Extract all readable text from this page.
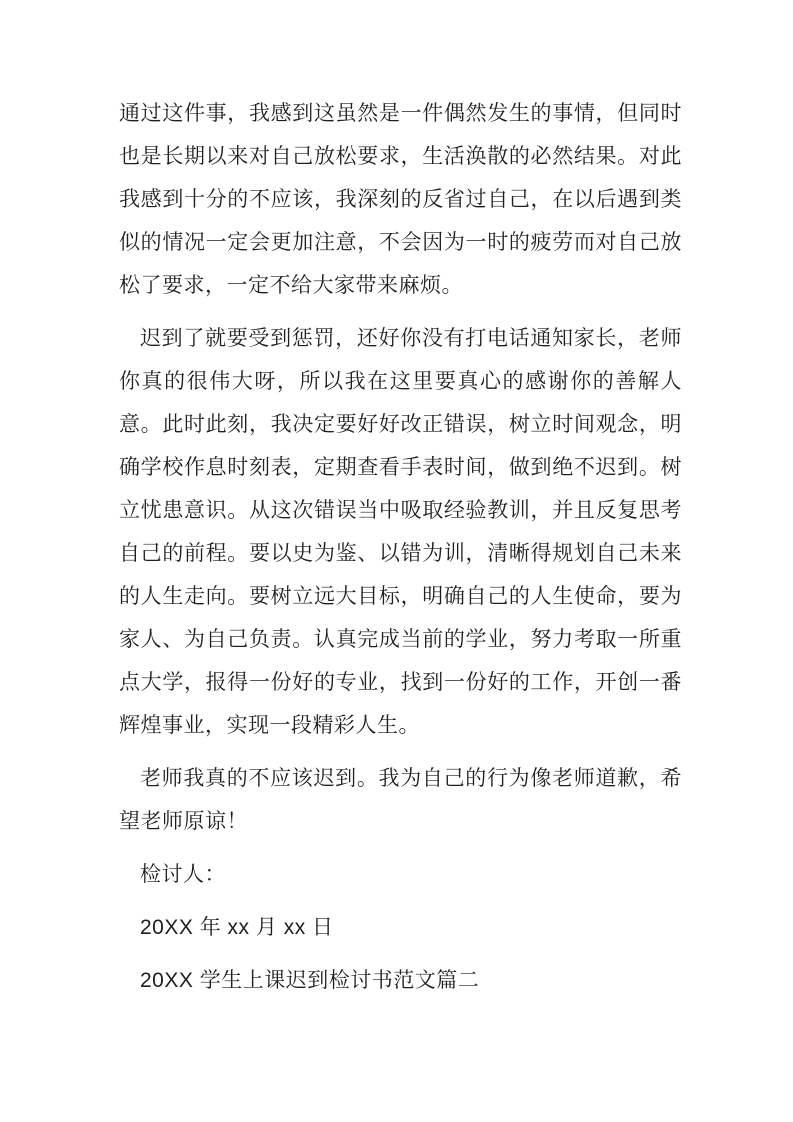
通过这件事，我感到这虽然是一件偶然发生的事情，但同时也是长期以来对自己放松要求，生活涣散的必然结果。对此我感到十分的不应该，我深刻的反省过自己，在以后遇到类似的情况一定会更加注意，不会因为一时的疲劳而对自己放松了要求，一定不给大家带来麻烦。

迟到了就要受到惩罚，还好你没有打电话通知家长，老师你真的很伟大呀，所以我在这里要真心的感谢你的善解人意。此时此刻，我决定要好好改正错误，树立时间观念，明确学校作息时刻表，定期查看手表时间，做到绝不迟到。树立忧患意识。从这次错误当中吸取经验教训，并且反复思考自己的前程。要以史为鉴、以错为训，清晰得规划自己未来的人生走向。要树立远大目标，明确自己的人生使命，要为家人、为自己负责。认真完成当前的学业，努力考取一所重点大学，报得一份好的专业，找到一份好的工作，开创一番辉煌事业，实现一段精彩人生。

老师我真的不应该迟到。我为自己的行为像老师道歉，希望老师原谅！

检讨人：

20XX 年 xx 月 xx 日

20XX 学生上课迟到检讨书范文篇二
